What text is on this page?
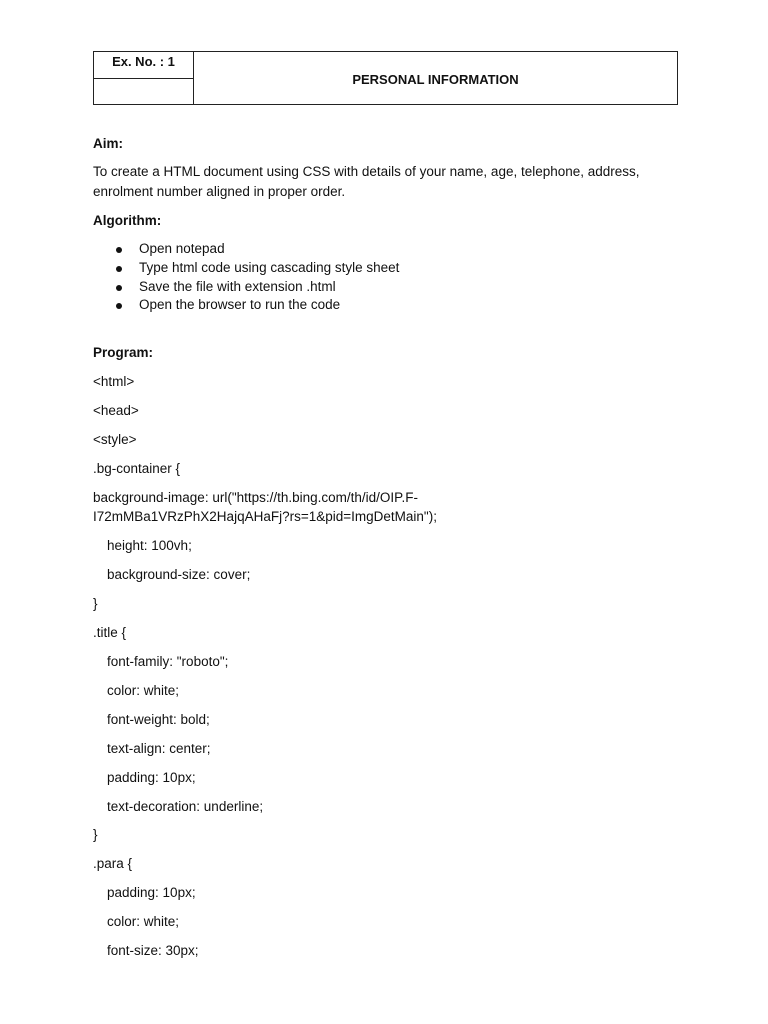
Ex. No. : 1
PERSONAL INFORMATION
Aim:
To create a HTML document using CSS with details of your name, age, telephone, address,
enrolment number aligned in proper order.
Algorithm:
Open notepad
Type html code using cascading style sheet
Save the file with extension .html
Open the browser to run the code
Program:
<html>
<head>
<style>
.bg-container {
background-image: url("https://th.bing.com/th/id/OIP.F-
I72mMBa1VRzPhX2HajqAHaFj?rs=1&pid=ImgDetMain");
height: 100vh;
background-size: cover;
}
.title {
font-family: "roboto";
color: white;
font-weight: bold;
text-align: center;
padding: 10px;
text-decoration: underline;
}
.para {
padding: 10px;
color: white;
font-size: 30px;
